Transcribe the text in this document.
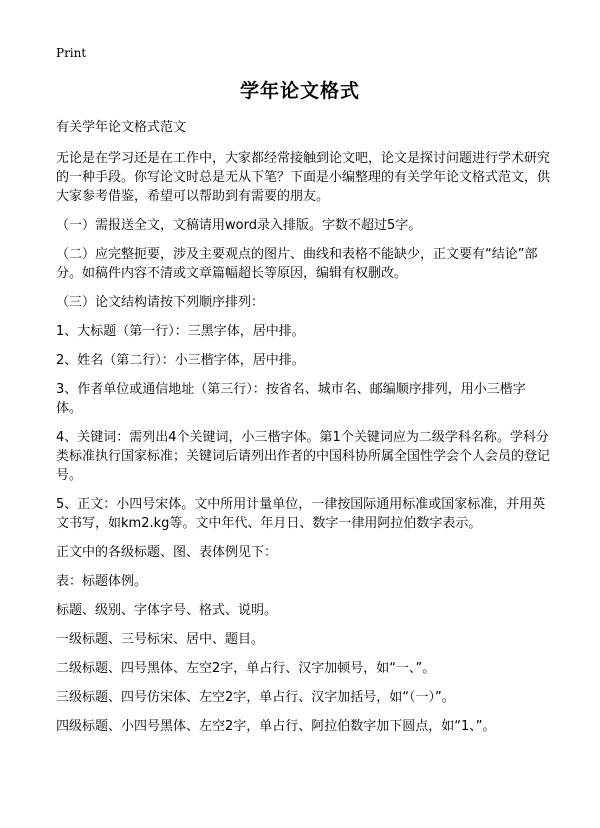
Print
学年论文格式

有关学年论文格式范文

无论是在学习还是在工作中，大家都经常接触到论文吧，论文是探讨问题进行学术研究的一种手段。你写论文时总是无从下笔？下面是小编整理的有关学年论文格式范文，供大家参考借鉴，希望可以帮助到有需要的朋友。

（一）需报送全文，文稿请用word录入排版。字数不超过5字。

（二）应完整扼要，涉及主要观点的图片、曲线和表格不能缺少，正文要有“结论”部分。如稿件内容不清或文章篇幅超长等原因，编辑有权删改。

（三）论文结构请按下列顺序排列：

1、大标题（第一行）：三黑字体，居中排。

2、姓名（第二行）：小三楷字体，居中排。

3、作者单位或通信地址（第三行）：按省名、城市名、邮编顺序排列，用小三楷字体。

4、关键词：需列出4个关键词，小三楷字体。第1个关键词应为二级学科名称。学科分类标准执行国家标准；关键词后请列出作者的中国科协所属全国性学会个人会员的登记号。

5、正文：小四号宋体。文中所用计量单位，一律按国际通用标准或国家标准，并用英文书写，如km2.kg等。文中年代、年月日、数字一律用阿拉伯数字表示。

正文中的各级标题、图、表体例见下：

表：标题体例。

标题、级别、字体字号、格式、说明。

一级标题、三号标宋、居中、题目。

二级标题、四号黑体、左空2字，单占行、汉字加顿号，如“一、”。

三级标题、四号仿宋体、左空2字，单占行、汉字加括号，如“（一）”。

四级标题、小四号黑体、左空2字，单占行、阿拉伯数字加下圆点，如“1、”。
